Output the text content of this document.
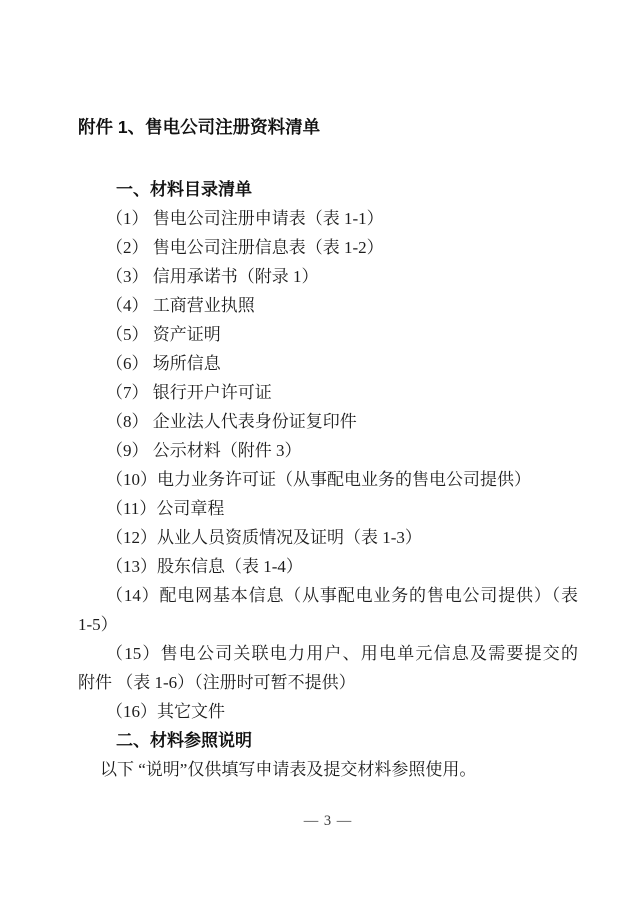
附件 1、售电公司注册资料清单
一、材料目录清单
（1） 售电公司注册申请表（表 1-1）
（2） 售电公司注册信息表（表 1-2）
（3） 信用承诺书（附录 1）
（4） 工商营业执照
（5） 资产证明
（6） 场所信息
（7） 银行开户许可证
（8） 企业法人代表身份证复印件
（9） 公示材料（附件 3）
（10）电力业务许可证（从事配电业务的售电公司提供）
（11）公司章程
（12）从业人员资质情况及证明（表 1-3）
（13）股东信息（表 1-4）
（14）配电网基本信息（从事配电业务的售电公司提供）（表
1-5）
（15）售电公司关联电力用户、用电单元信息及需要提交的
附件 （表 1-6）（注册时可暂不提供）
（16）其它文件
二、材料参照说明
以下 “说明”仅供填写申请表及提交材料参照使用。
— 3 —
